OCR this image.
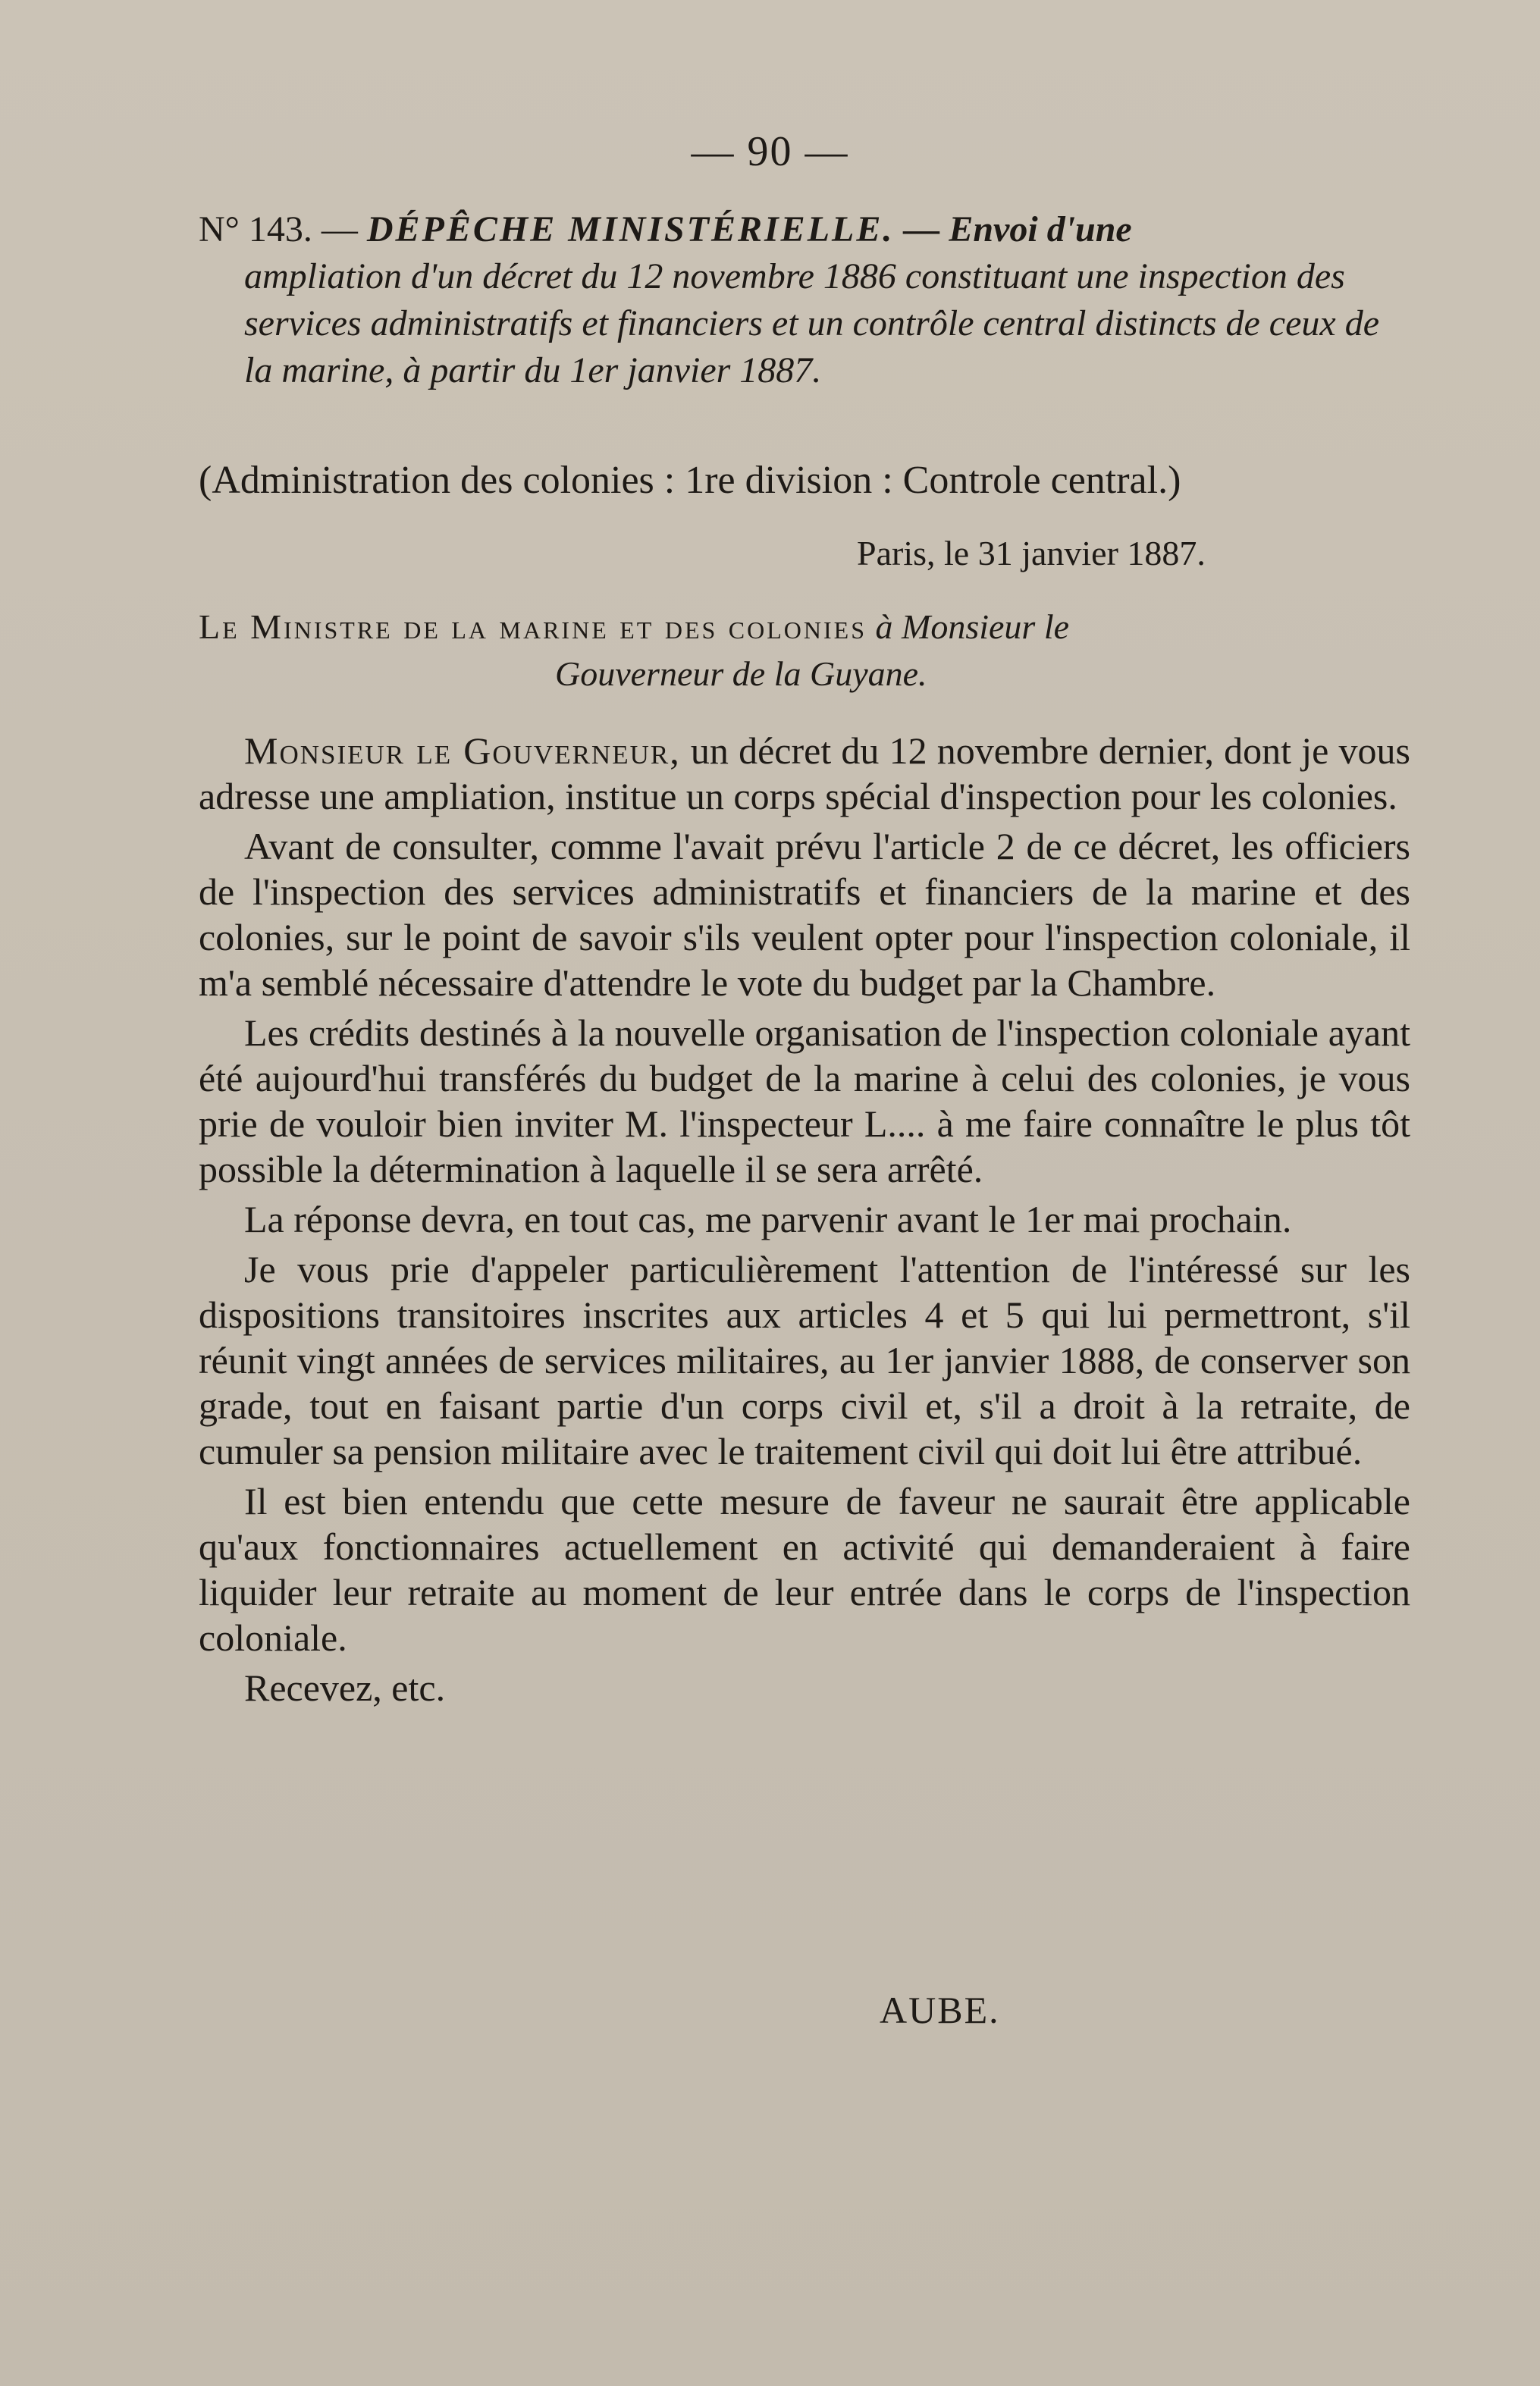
— 90 —
N° 143. — DÉPÊCHE MINISTÉRIELLE. — Envoi d'une
ampliation d'un décret du 12 novembre 1886 constituant une inspection des services administratifs et financiers et un contrôle central distincts de ceux de la marine, à partir du 1er janvier 1887.
(Administration des colonies : 1re division : Controle central.)
Paris, le 31 janvier 1887.
Le Ministre de la marine et des colonies à Monsieur le
Gouverneur de la Guyane.

Monsieur le Gouverneur, un décret du 12 novembre dernier, dont je vous adresse une ampliation, institue un corps spécial d'inspection pour les colonies.

Avant de consulter, comme l'avait prévu l'article 2 de ce décret, les officiers de l'inspection des services administratifs et financiers de la marine et des colonies, sur le point de savoir s'ils veulent opter pour l'inspection coloniale, il m'a semblé nécessaire d'attendre le vote du budget par la Chambre.

Les crédits destinés à la nouvelle organisation de l'inspection coloniale ayant été aujourd'hui transférés du budget de la marine à celui des colonies, je vous prie de vouloir bien inviter M. l'inspecteur L.... à me faire connaître le plus tôt possible la détermination à laquelle il se sera arrêté.

La réponse devra, en tout cas, me parvenir avant le 1er mai prochain.

Je vous prie d'appeler particulièrement l'attention de l'intéressé sur les dispositions transitoires inscrites aux articles 4 et 5 qui lui permettront, s'il réunit vingt années de services militaires, au 1er janvier 1888, de conserver son grade, tout en faisant partie d'un corps civil et, s'il a droit à la retraite, de cumuler sa pension militaire avec le traitement civil qui doit lui être attribué.

Il est bien entendu que cette mesure de faveur ne saurait être applicable qu'aux fonctionnaires actuellement en activité qui demanderaient à faire liquider leur retraite au moment de leur entrée dans le corps de l'inspection coloniale.

Recevez, etc.

AUBE.
